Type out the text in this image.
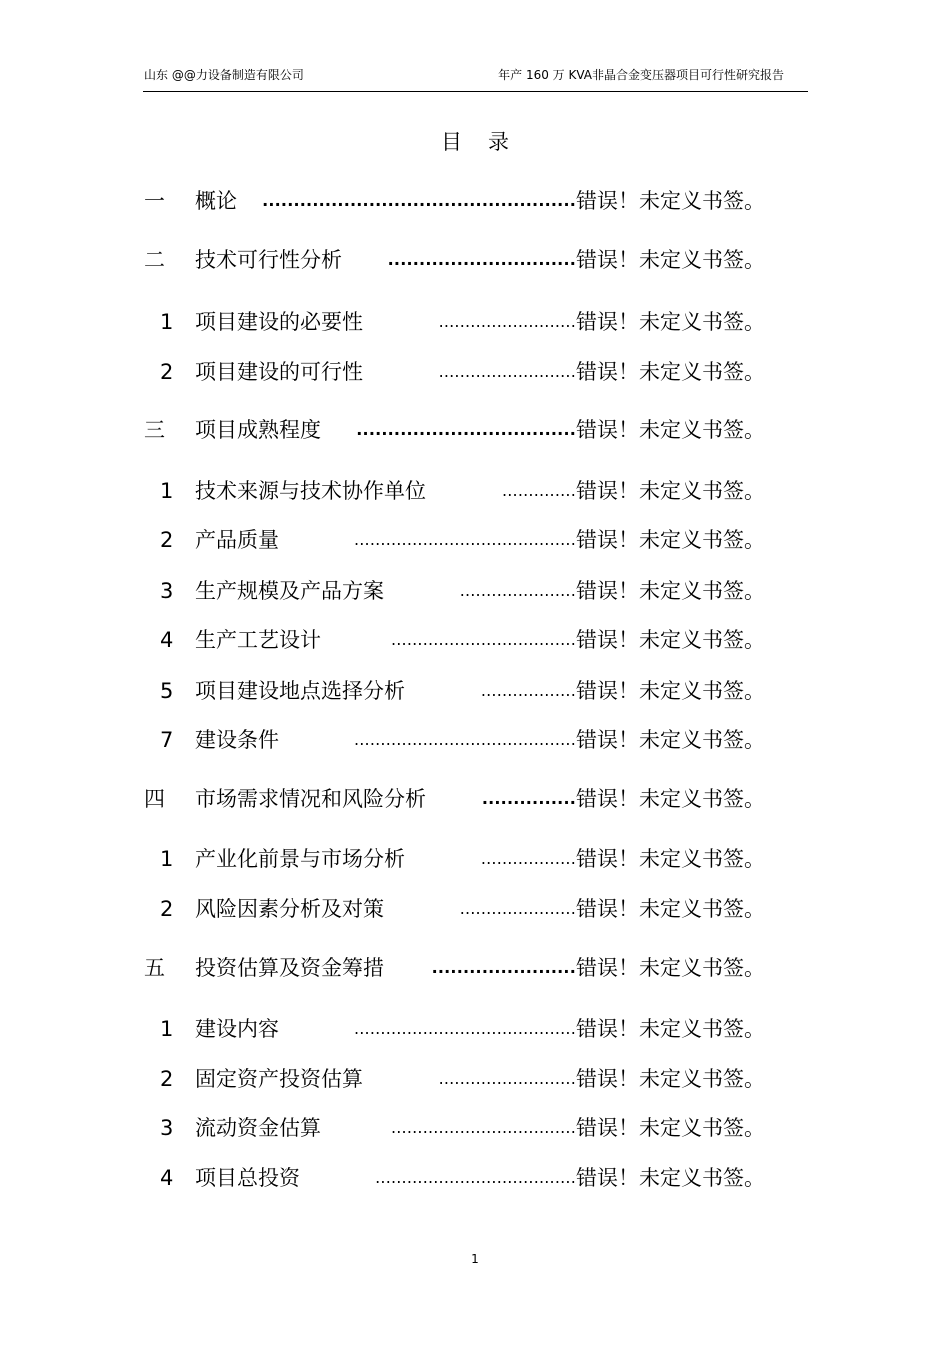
山东 @@力设备制造有限公司	年产 160 万 KVA非晶合金变压器项目可行性研究报告
目录
一 概论 .................................................. 错误！未定义书签。
二 技术可行性分析	.............................. 错误！未定义书签。
1 项目建设的必要性	.......................... 错误！未定义书签。
2 项目建设的可行性	.......................... 错误！未定义书签。
三 项目成熟程度 ................................... 错误！未定义书签。
1 技术来源与技术协作单位	.............. 错误！未定义书签。
2 产品质量	.......................................... 错误！未定义书签。
3 生产规模及产品方案	...................... 错误！未定义书签。
4 生产工艺设计	................................... 错误！未定义书签。
5 项目建设地点选择分析	.................. 错误！未定义书签。
7 建设条件	.......................................... 错误！未定义书签。
四 市场需求情况和风险分析	............... 错误！未定义书签。
1 产业化前景与市场分析	.................. 错误！未定义书签。
2 风险因素分析及对策	...................... 错误！未定义书签。
五 投资估算及资金筹措	....................... 错误！未定义书签。
1 建设内容	.......................................... 错误！未定义书签。
2 固定资产投资估算	.......................... 错误！未定义书签。
3 流动资金估算	................................... 错误！未定义书签。
4 项目总投资	...................................... 错误！未定义书签。
1
